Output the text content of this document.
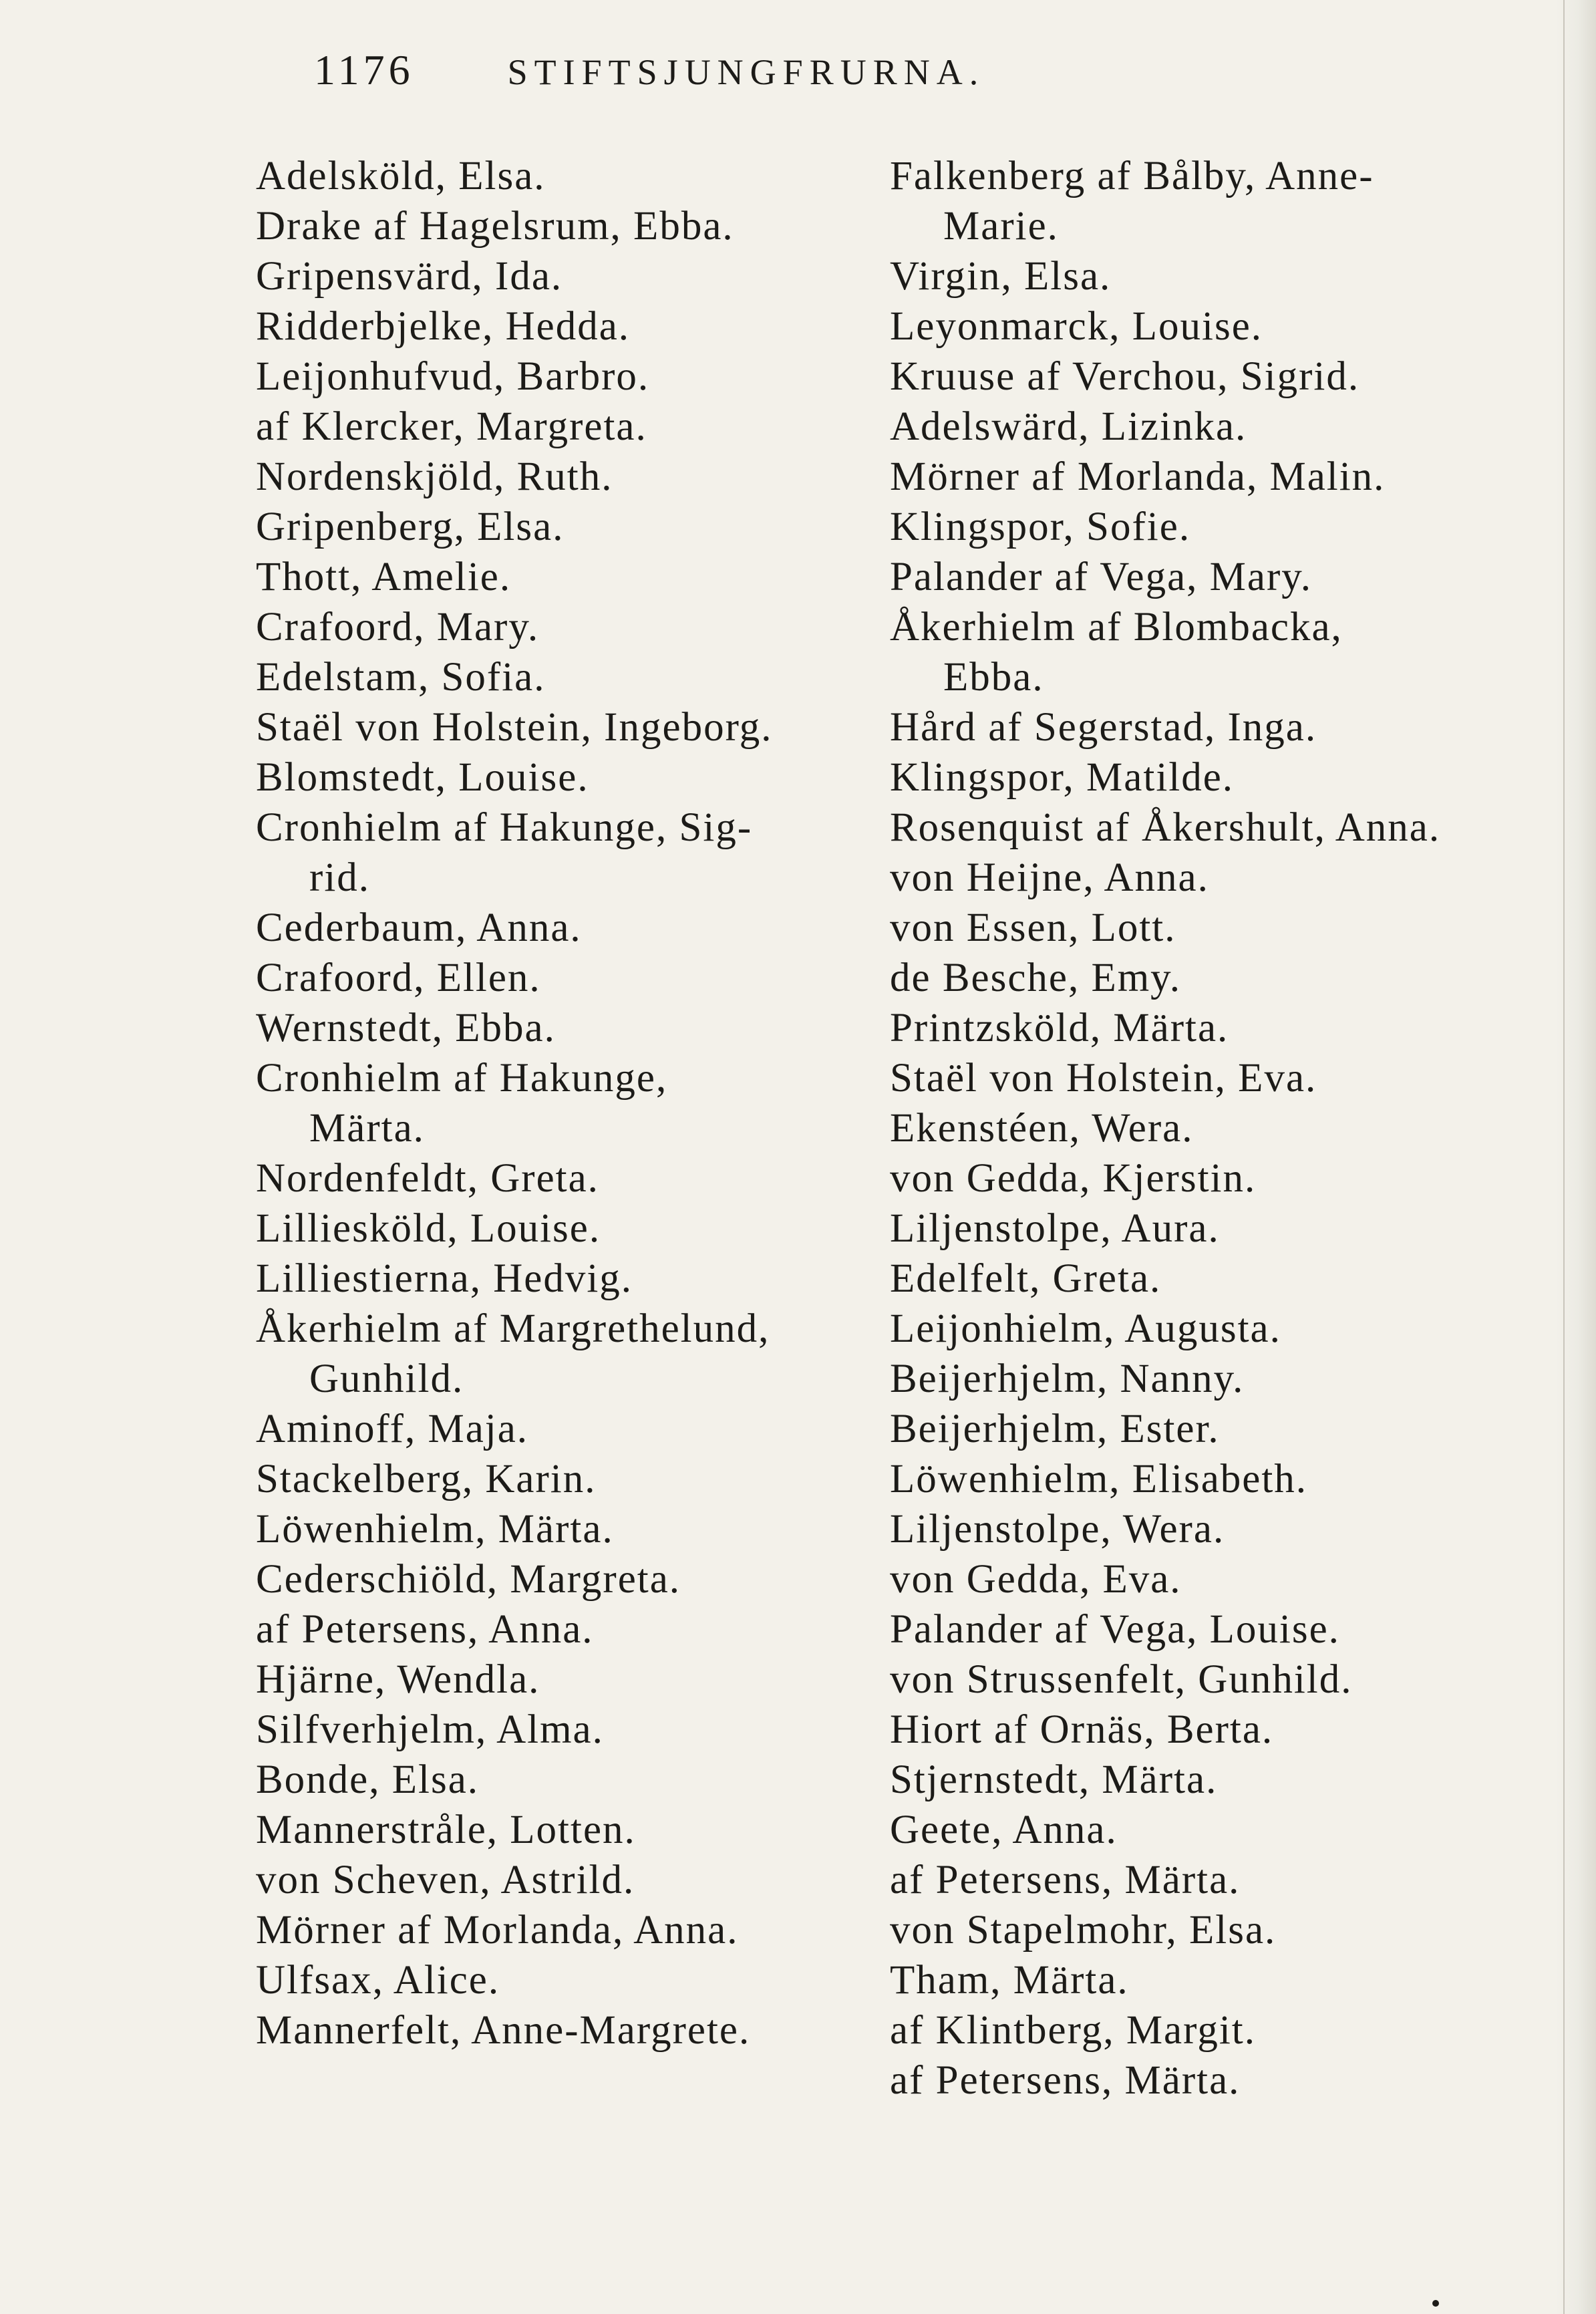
1176	STIFTSJUNGFRURNA.
Adelsköld, Elsa.
Drake af Hagelsrum, Ebba.
Gripensvärd, Ida.
Ridderbjelke, Hedda.
Leijonhufvud, Barbro.
af Klercker, Margreta.
Nordenskjöld, Ruth.
Gripenberg, Elsa.
Thott, Amelie.
Crafoord, Mary.
Edelstam, Sofia.
Staël von Holstein, Ingeborg.
Blomstedt, Louise.
Cronhielm af Hakunge, Sig-
rid.
Cederbaum, Anna.
Crafoord, Ellen.
Wernstedt, Ebba.
Cronhielm af Hakunge,
Märta.
Nordenfeldt, Greta.
Lilliesköld, Louise.
Lilliestierna, Hedvig.
Åkerhielm af Margrethelund,
Gunhild.
Aminoff, Maja.
Stackelberg, Karin.
Löwenhielm, Märta.
Cederschiöld, Margreta.
af Petersens, Anna.
Hjärne, Wendla.
Silfverhjelm, Alma.
Bonde, Elsa.
Mannerstråle, Lotten.
von Scheven, Astrild.
Mörner af Morlanda, Anna.
Ulfsax, Alice.
Mannerfelt, Anne-Margrete.
Falkenberg af Bålby, Anne-
Marie.
Virgin, Elsa.
Leyonmarck, Louise.
Kruuse af Verchou, Sigrid.
Adelswärd, Lizinka.
Mörner af Morlanda, Malin.
Klingspor, Sofie.
Palander af Vega, Mary.
Åkerhielm af Blombacka,
Ebba.
Hård af Segerstad, Inga.
Klingspor, Matilde.
Rosenquist af Åkershult, Anna.
von Heijne, Anna.
von Essen, Lott.
de Besche, Emy.
Printzsköld, Märta.
Staël von Holstein, Eva.
Ekenstéen, Wera.
von Gedda, Kjerstin.
Liljenstolpe, Aura.
Edelfelt, Greta.
Leijonhielm, Augusta.
Beijerhjelm, Nanny.
Beijerhjelm, Ester.
Löwenhielm, Elisabeth.
Liljenstolpe, Wera.
von Gedda, Eva.
Palander af Vega, Louise.
von Strussenfelt, Gunhild.
Hiort af Ornäs, Berta.
Stjernstedt, Märta.
Geete, Anna.
af Petersens, Märta.
von Stapelmohr, Elsa.
Tham, Märta.
af Klintberg, Margit.
af Petersens, Märta.
